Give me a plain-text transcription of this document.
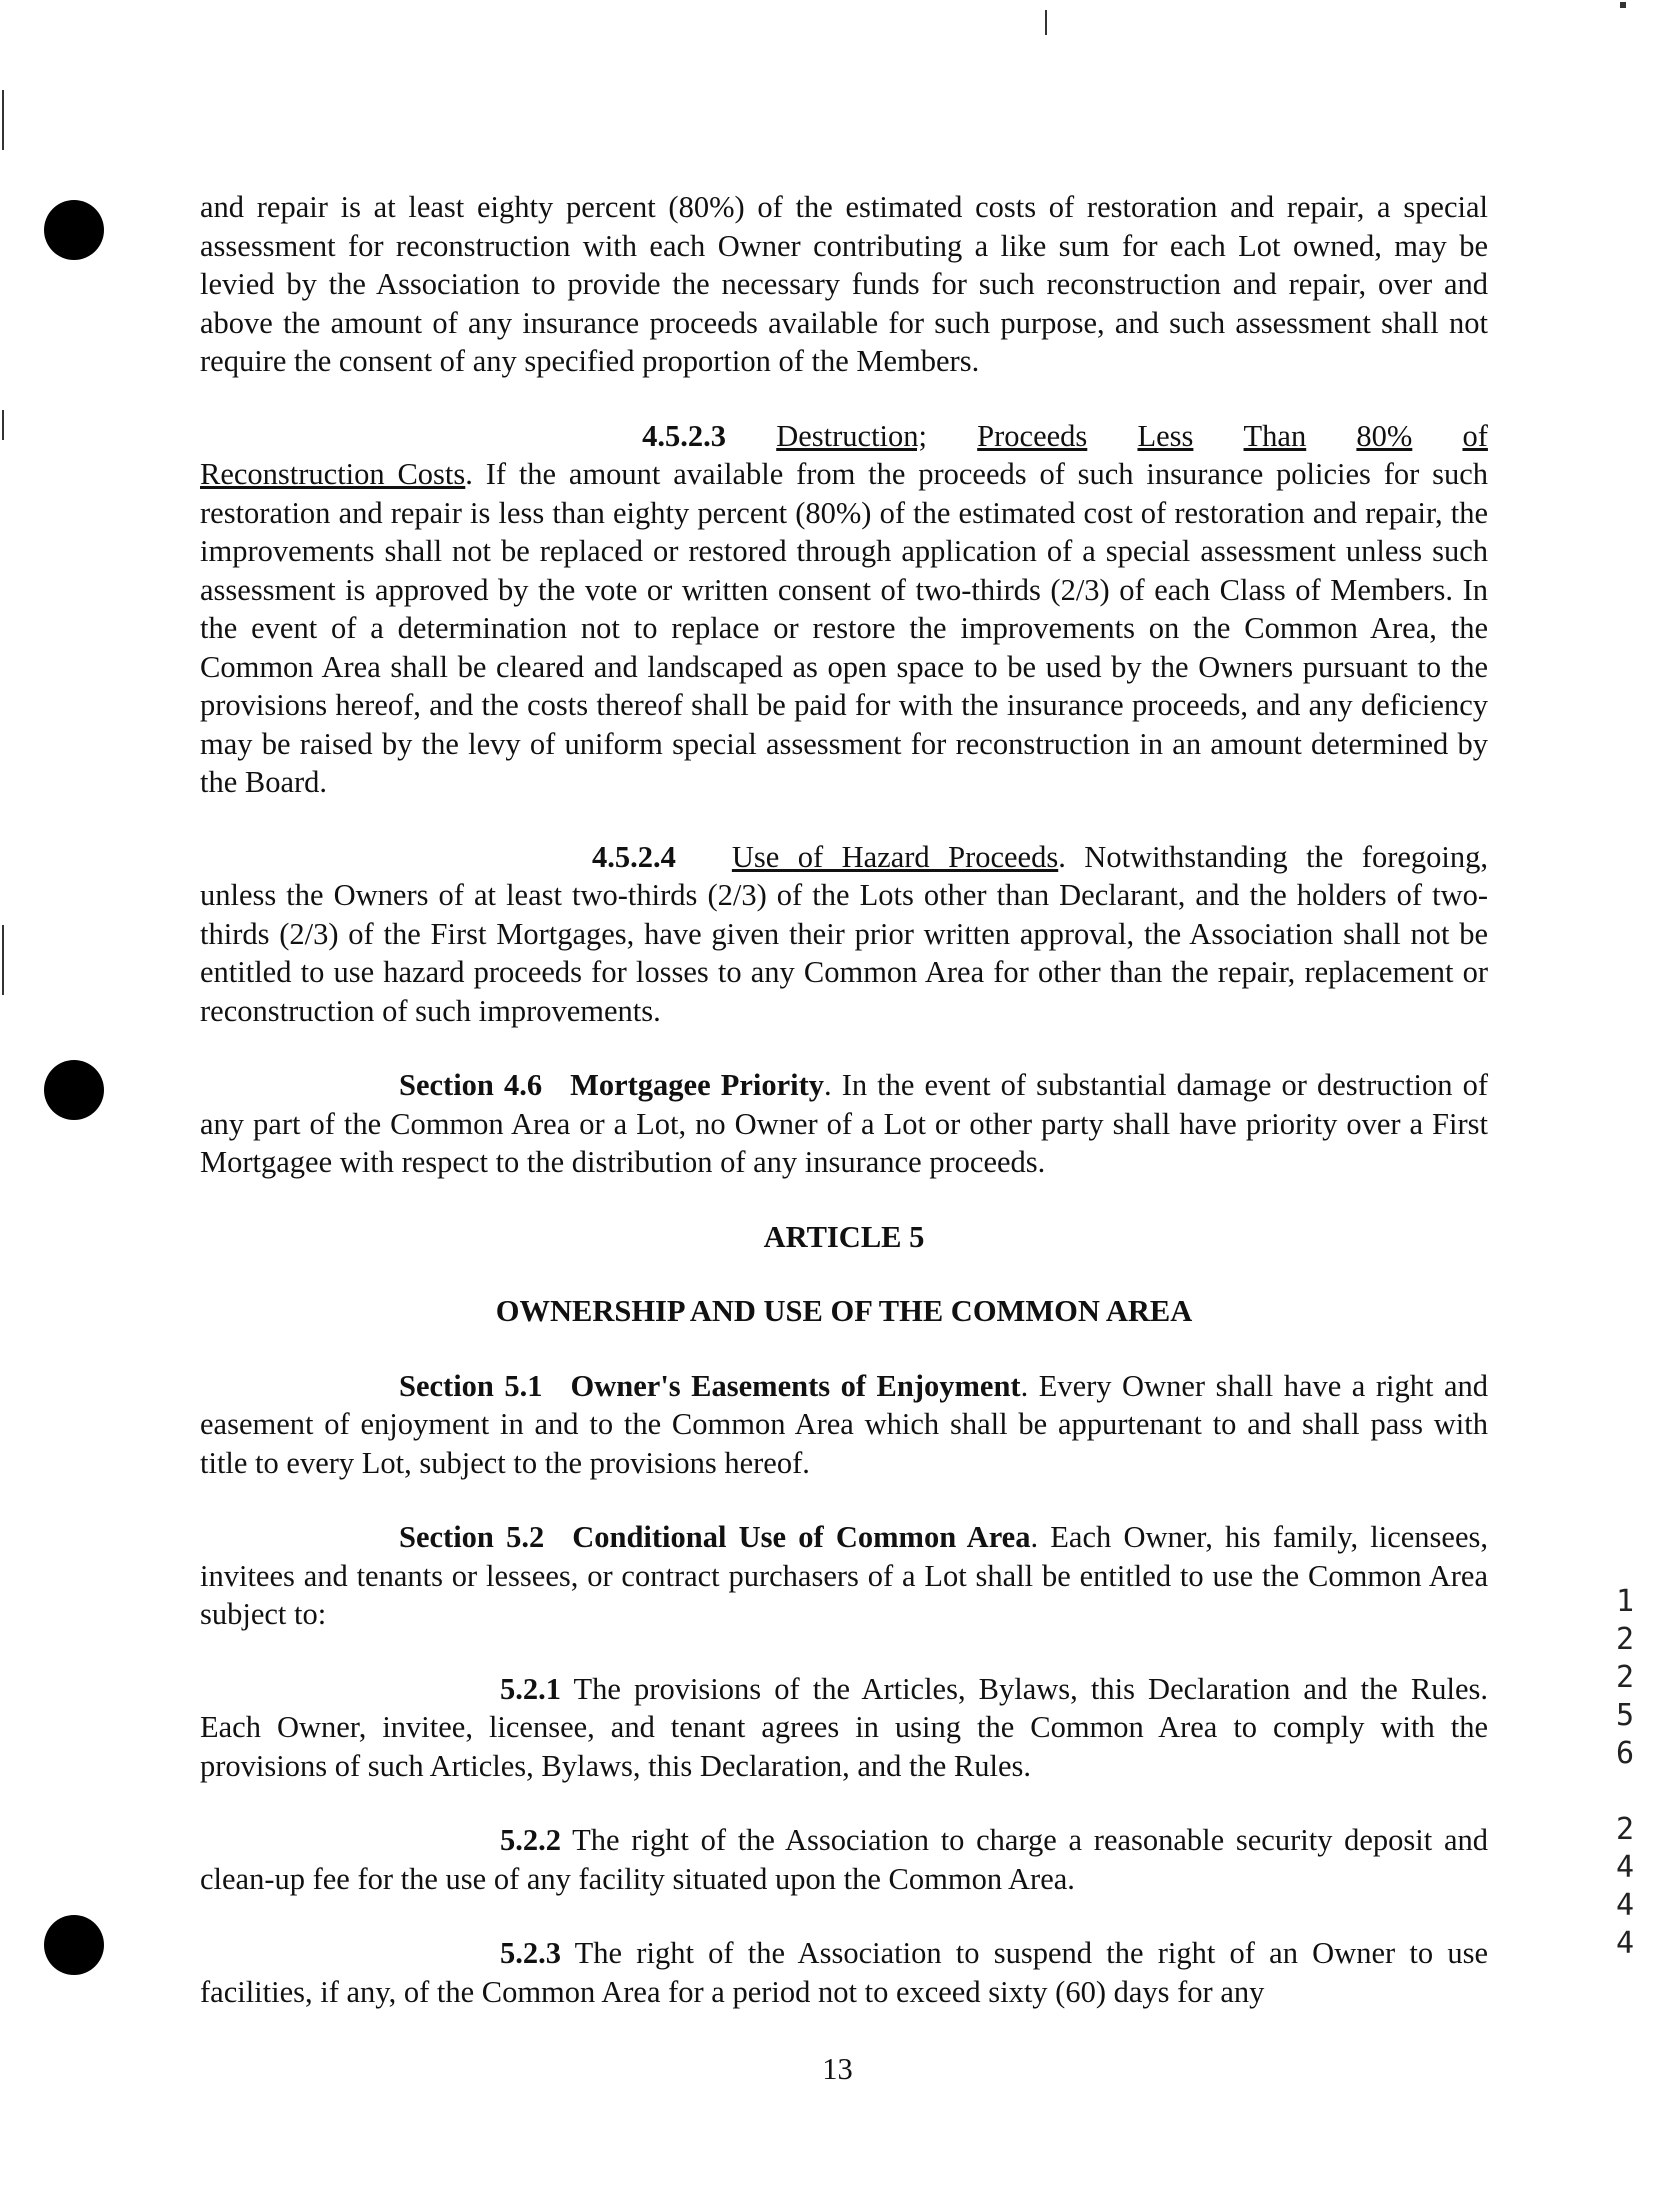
and repair is at least eighty percent (80%) of the estimated costs of restoration and repair, a special assessment for reconstruction with each Owner contributing a like sum for each Lot owned, may be levied by the Association to provide the necessary funds for such reconstruction and repair, over and above the amount of any insurance proceeds available for such purpose, and such assessment shall not require the consent of any specified proportion of the Members.

4.5.2.3 Destruction; Proceeds Less Than 80% of
Reconstruction Costs. If the amount available from the proceeds of such insurance policies for such restoration and repair is less than eighty percent (80%) of the estimated cost of restoration and repair, the improvements shall not be replaced or restored through application of a special assessment unless such assessment is approved by the vote or written consent of two-thirds (2/3) of each Class of Members. In the event of a determination not to replace or restore the improvements on the Common Area, the Common Area shall be cleared and landscaped as open space to be used by the Owners pursuant to the provisions hereof, and the costs thereof shall be paid for with the insurance proceeds, and any deficiency may be raised by the levy of uniform special assessment for reconstruction in an amount determined by the Board.

4.5.2.4 Use of Hazard Proceeds. Notwithstanding the foregoing, unless the Owners of at least two-thirds (2/3) of the Lots other than Declarant, and the holders of two-thirds (2/3) of the First Mortgages, have given their prior written approval, the Association shall not be entitled to use hazard proceeds for losses to any Common Area for other than the repair, replacement or reconstruction of such improvements.

Section 4.6 Mortgagee Priority. In the event of substantial damage or destruction of any part of the Common Area or a Lot, no Owner of a Lot or other party shall have priority over a First Mortgagee with respect to the distribution of any insurance proceeds.

ARTICLE 5

OWNERSHIP AND USE OF THE COMMON AREA

Section 5.1 Owner's Easements of Enjoyment. Every Owner shall have a right and easement of enjoyment in and to the Common Area which shall be appurtenant to and shall pass with title to every Lot, subject to the provisions hereof.

Section 5.2 Conditional Use of Common Area. Each Owner, his family, licensees, invitees and tenants or lessees, or contract purchasers of a Lot shall be entitled to use the Common Area subject to:

5.2.1 The provisions of the Articles, Bylaws, this Declaration and the Rules. Each Owner, invitee, licensee, and tenant agrees in using the Common Area to comply with the provisions of such Articles, Bylaws, this Declaration, and the Rules.

5.2.2 The right of the Association to charge a reasonable security deposit and clean-up fee for the use of any facility situated upon the Common Area.

5.2.3 The right of the Association to suspend the right of an Owner to use facilities, if any, of the Common Area for a period not to exceed sixty (60) days for any

13
1
2
2
5
6

2
4
4
4
